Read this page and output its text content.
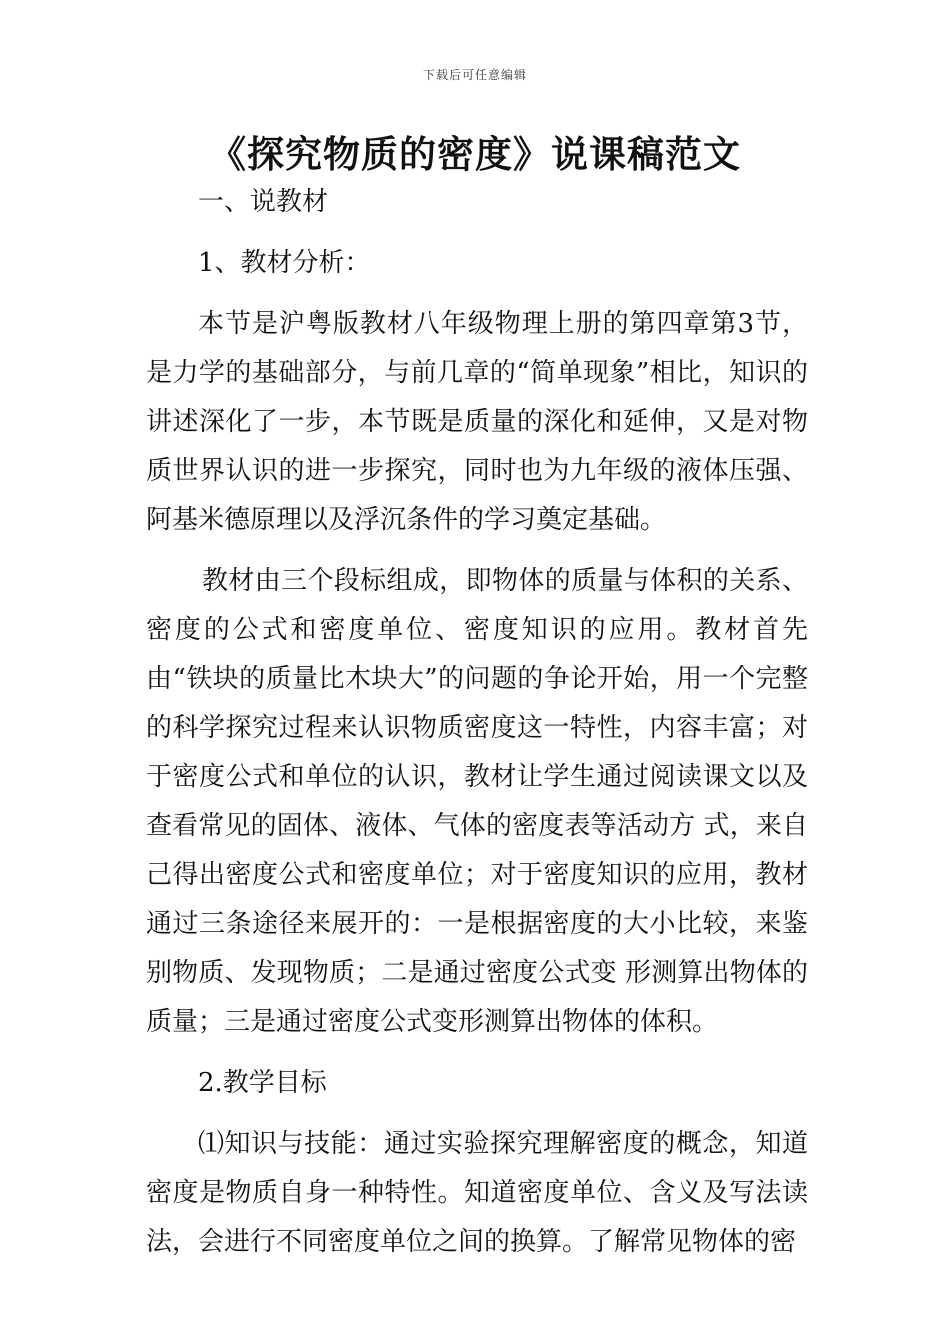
下载后可任意编辑
《探究物质的密度》说课稿范文

一、说教材

1、教材分析：

本节是沪粤版教材八年级物理上册的第四章第3节，是力学的基础部分，与前几章的“简单现象”相比，知识的讲述深化了一步，本节既是质量的深化和延伸，又是对物质世界认识的进一步探究，同时也为九年级的液体压强、阿基米德原理以及浮沉条件的学习奠定基础。

教材由三个段标组成，即物体的质量与体积的关系、密度的公式和密度单位、密度知识的应用。教材首先由“铁块的质量比木块大”的问题的争论开始，用一个完整的科学探究过程来认识物质密度这一特性，内容丰富；对于密度公式和单位的认识，教材让学生通过阅读课文以及查看常见的固体、液体、气体的密度表等活动方 式，来自己得出密度公式和密度单位；对于密度知识的应用，教材通过三条途径来展开的：一是根据密度的大小比较，来鉴别物质、发现物质；二是通过密度公式变 形测算出物体的质量；三是通过密度公式变形测算出物体的体积。

2.教学目标

⑴知识与技能：通过实验探究理解密度的概念，知道密度是物质自身一种特性。知道密度单位、含义及写法读法，会进行不同密度单位之间的换算。了解常见物体的密
